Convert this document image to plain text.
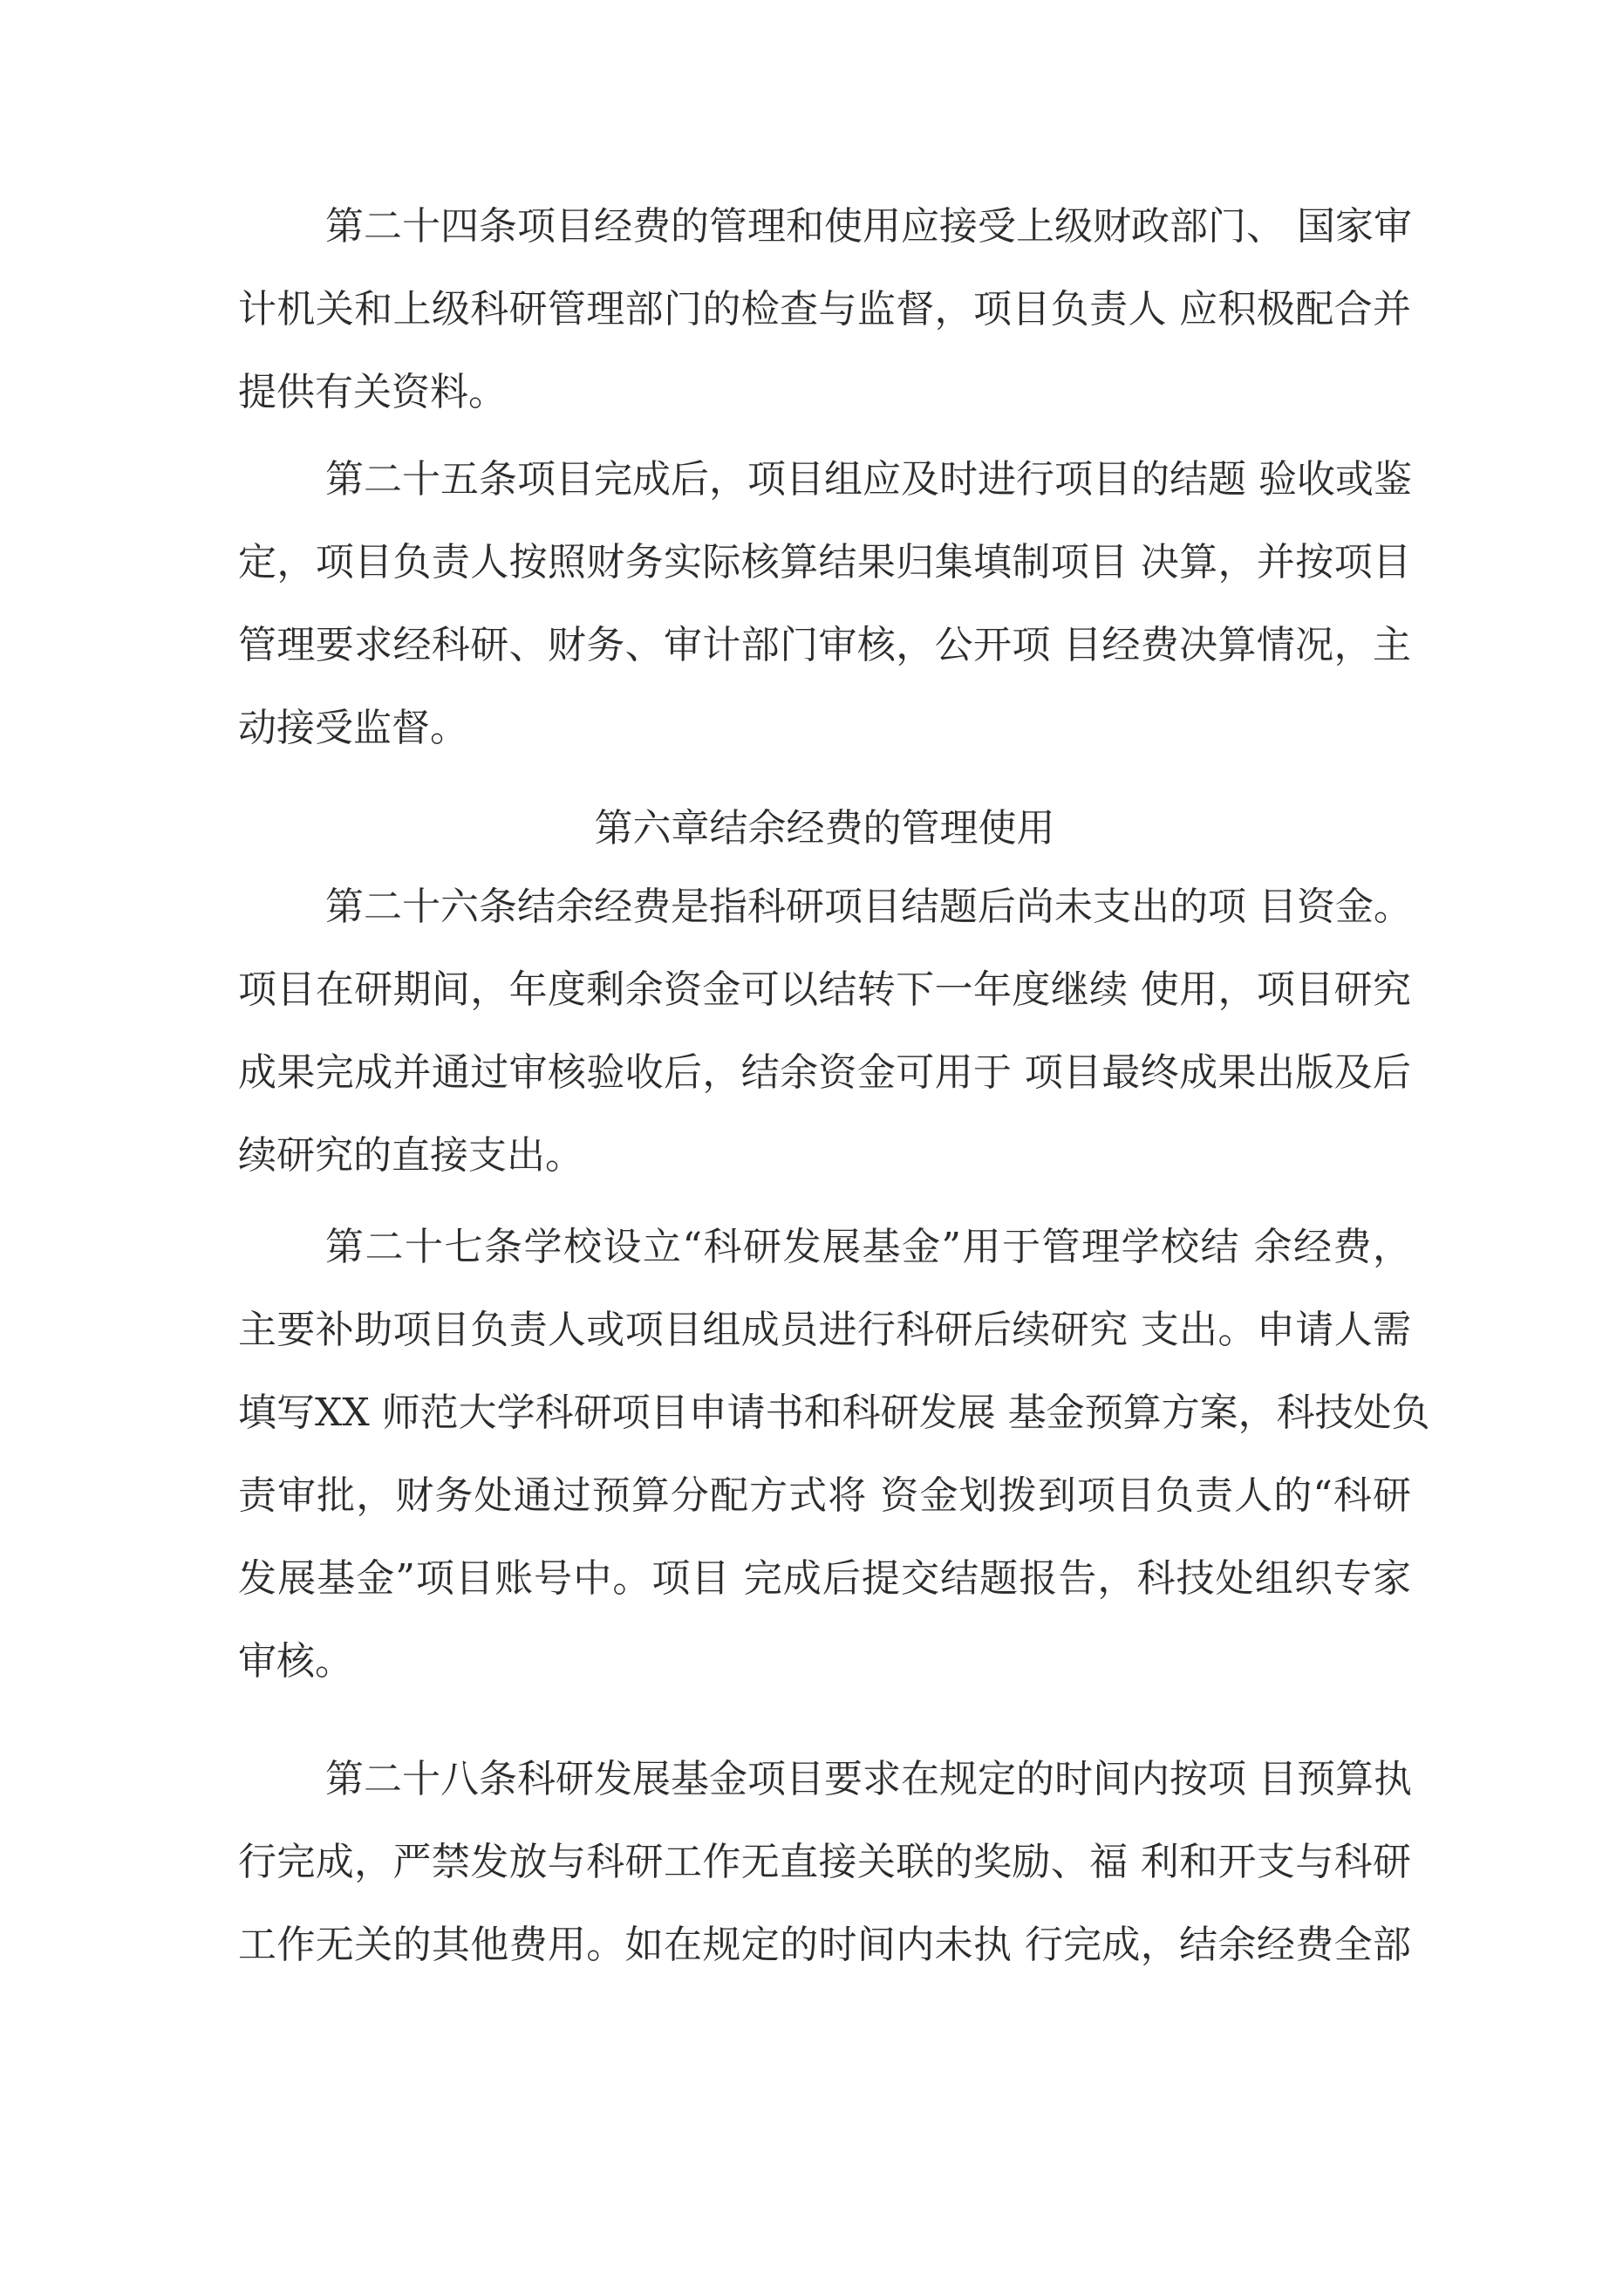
第二十四条项目经费的管理和使用应接受上级财政部门、 国家审
计机关和上级科研管理部门的检查与监督，项目负责人 应积极配合并
提供有关资料。
第二十五条项目完成后，项目组应及时进行项目的结题 验收或鉴
定，项目负责人按照财务实际核算结果归集填制项目 决算，并按项目
管理要求经科研、财务、审计部门审核，公开项 目经费决算情况，主
动接受监督。
第六章结余经费的管理使用
第二十六条结余经费是指科研项目结题后尚未支出的项 目资金。
项目在研期间，年度剩余资金可以结转下一年度继续 使用，项目研究
成果完成并通过审核验收后，结余资金可用于 项目最终成果出版及后
续研究的直接支出。
第二十七条学校设立“科研发展基金”用于管理学校结 余经费，
主要补助项目负责人或项目组成员进行科研后续研究 支出。申请人需
填写XX 师范大学科研项目申请书和科研发展 基金预算方案，科技处负
责审批，财务处通过预算分配方式将 资金划拨到项目负责人的“科研
发展基金”项目账号中。项目 完成后提交结题报告，科技处组织专家
审核。
第二十八条科研发展基金项目要求在规定的时间内按项 目预算执
行完成，严禁发放与科研工作无直接关联的奖励、福 利和开支与科研
工作无关的其他费用。如在规定的时间内未执 行完成，结余经费全部
